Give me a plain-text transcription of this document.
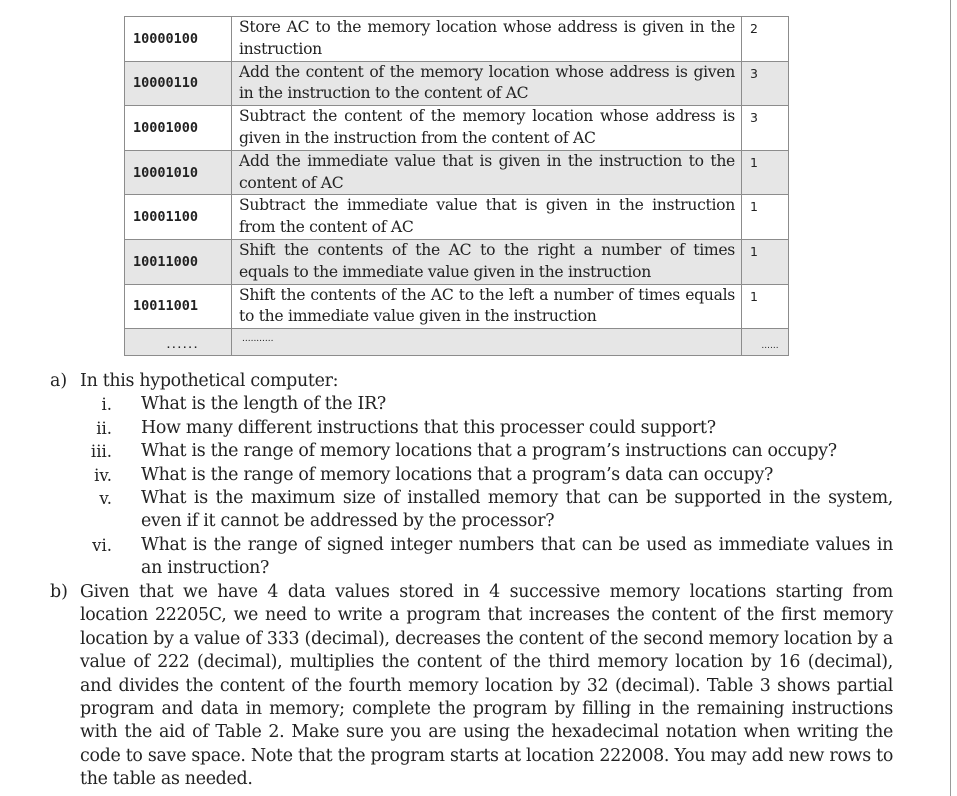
10000100	Store AC to the memory location whose address is given in the instruction	2
10000110	Add the content of the memory location whose address is given in the instruction to the content of AC	3
10001000	Subtract the content of the memory location whose address is given in the instruction from the content of AC	3
10001010	Add the immediate value that is given in the instruction to the content of AC	1
10001100	Subtract the immediate value that is given in the instruction from the content of AC	1
10011000	Shift the contents of the AC to the right a number of times equals to the immediate value given in the instruction	1
10011001	Shift the contents of the AC to the left a number of times equals to the immediate value given in the instruction	1
......	...........	......
a) In this hypothetical computer:
i. What is the length of the IR?
ii. How many different instructions that this processer could support?
iii. What is the range of memory locations that a program’s instructions can occupy?
iv. What is the range of memory locations that a program’s data can occupy?
v. What is the maximum size of installed memory that can be supported in the system, even if it cannot be addressed by the processor?
vi. What is the range of signed integer numbers that can be used as immediate values in an instruction?
b) Given that we have 4 data values stored in 4 successive memory locations starting from location 22205C, we need to write a program that increases the content of the first memory location by a value of 333 (decimal), decreases the content of the second memory location by a value of 222 (decimal), multiplies the content of the third memory location by 16 (decimal), and divides the content of the fourth memory location by 32 (decimal). Table 3 shows partial program and data in memory; complete the program by filling in the remaining instructions with the aid of Table 2. Make sure you are using the hexadecimal notation when writing the code to save space. Note that the program starts at location 222008. You may add new rows to the table as needed.
